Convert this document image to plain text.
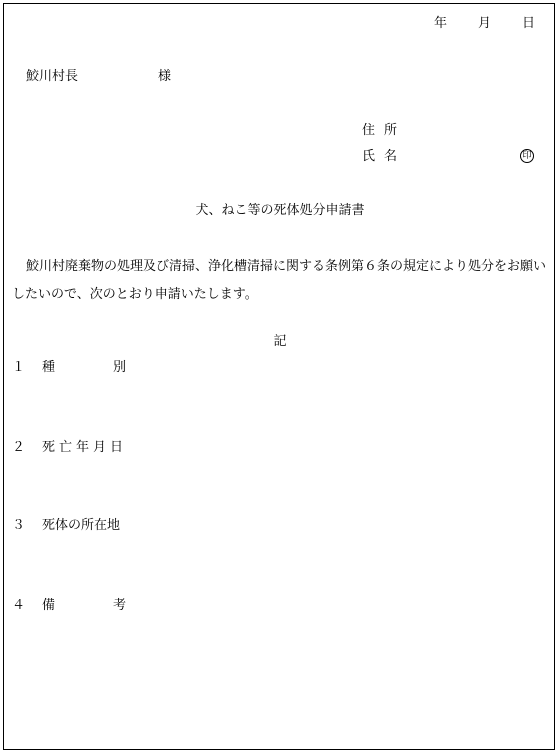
年 月 日
鮫川村長	様
住所
氏名	印
犬、ねこ等の死体処分申請書
鮫川村廃棄物の処理及び清掃、浄化槽清掃に関する条例第６条の規定により処分をお願いしたいので、次のとおり申請いたします。
記
１ 種別
２ 死亡年月日
３ 死体の所在地
４ 備考
